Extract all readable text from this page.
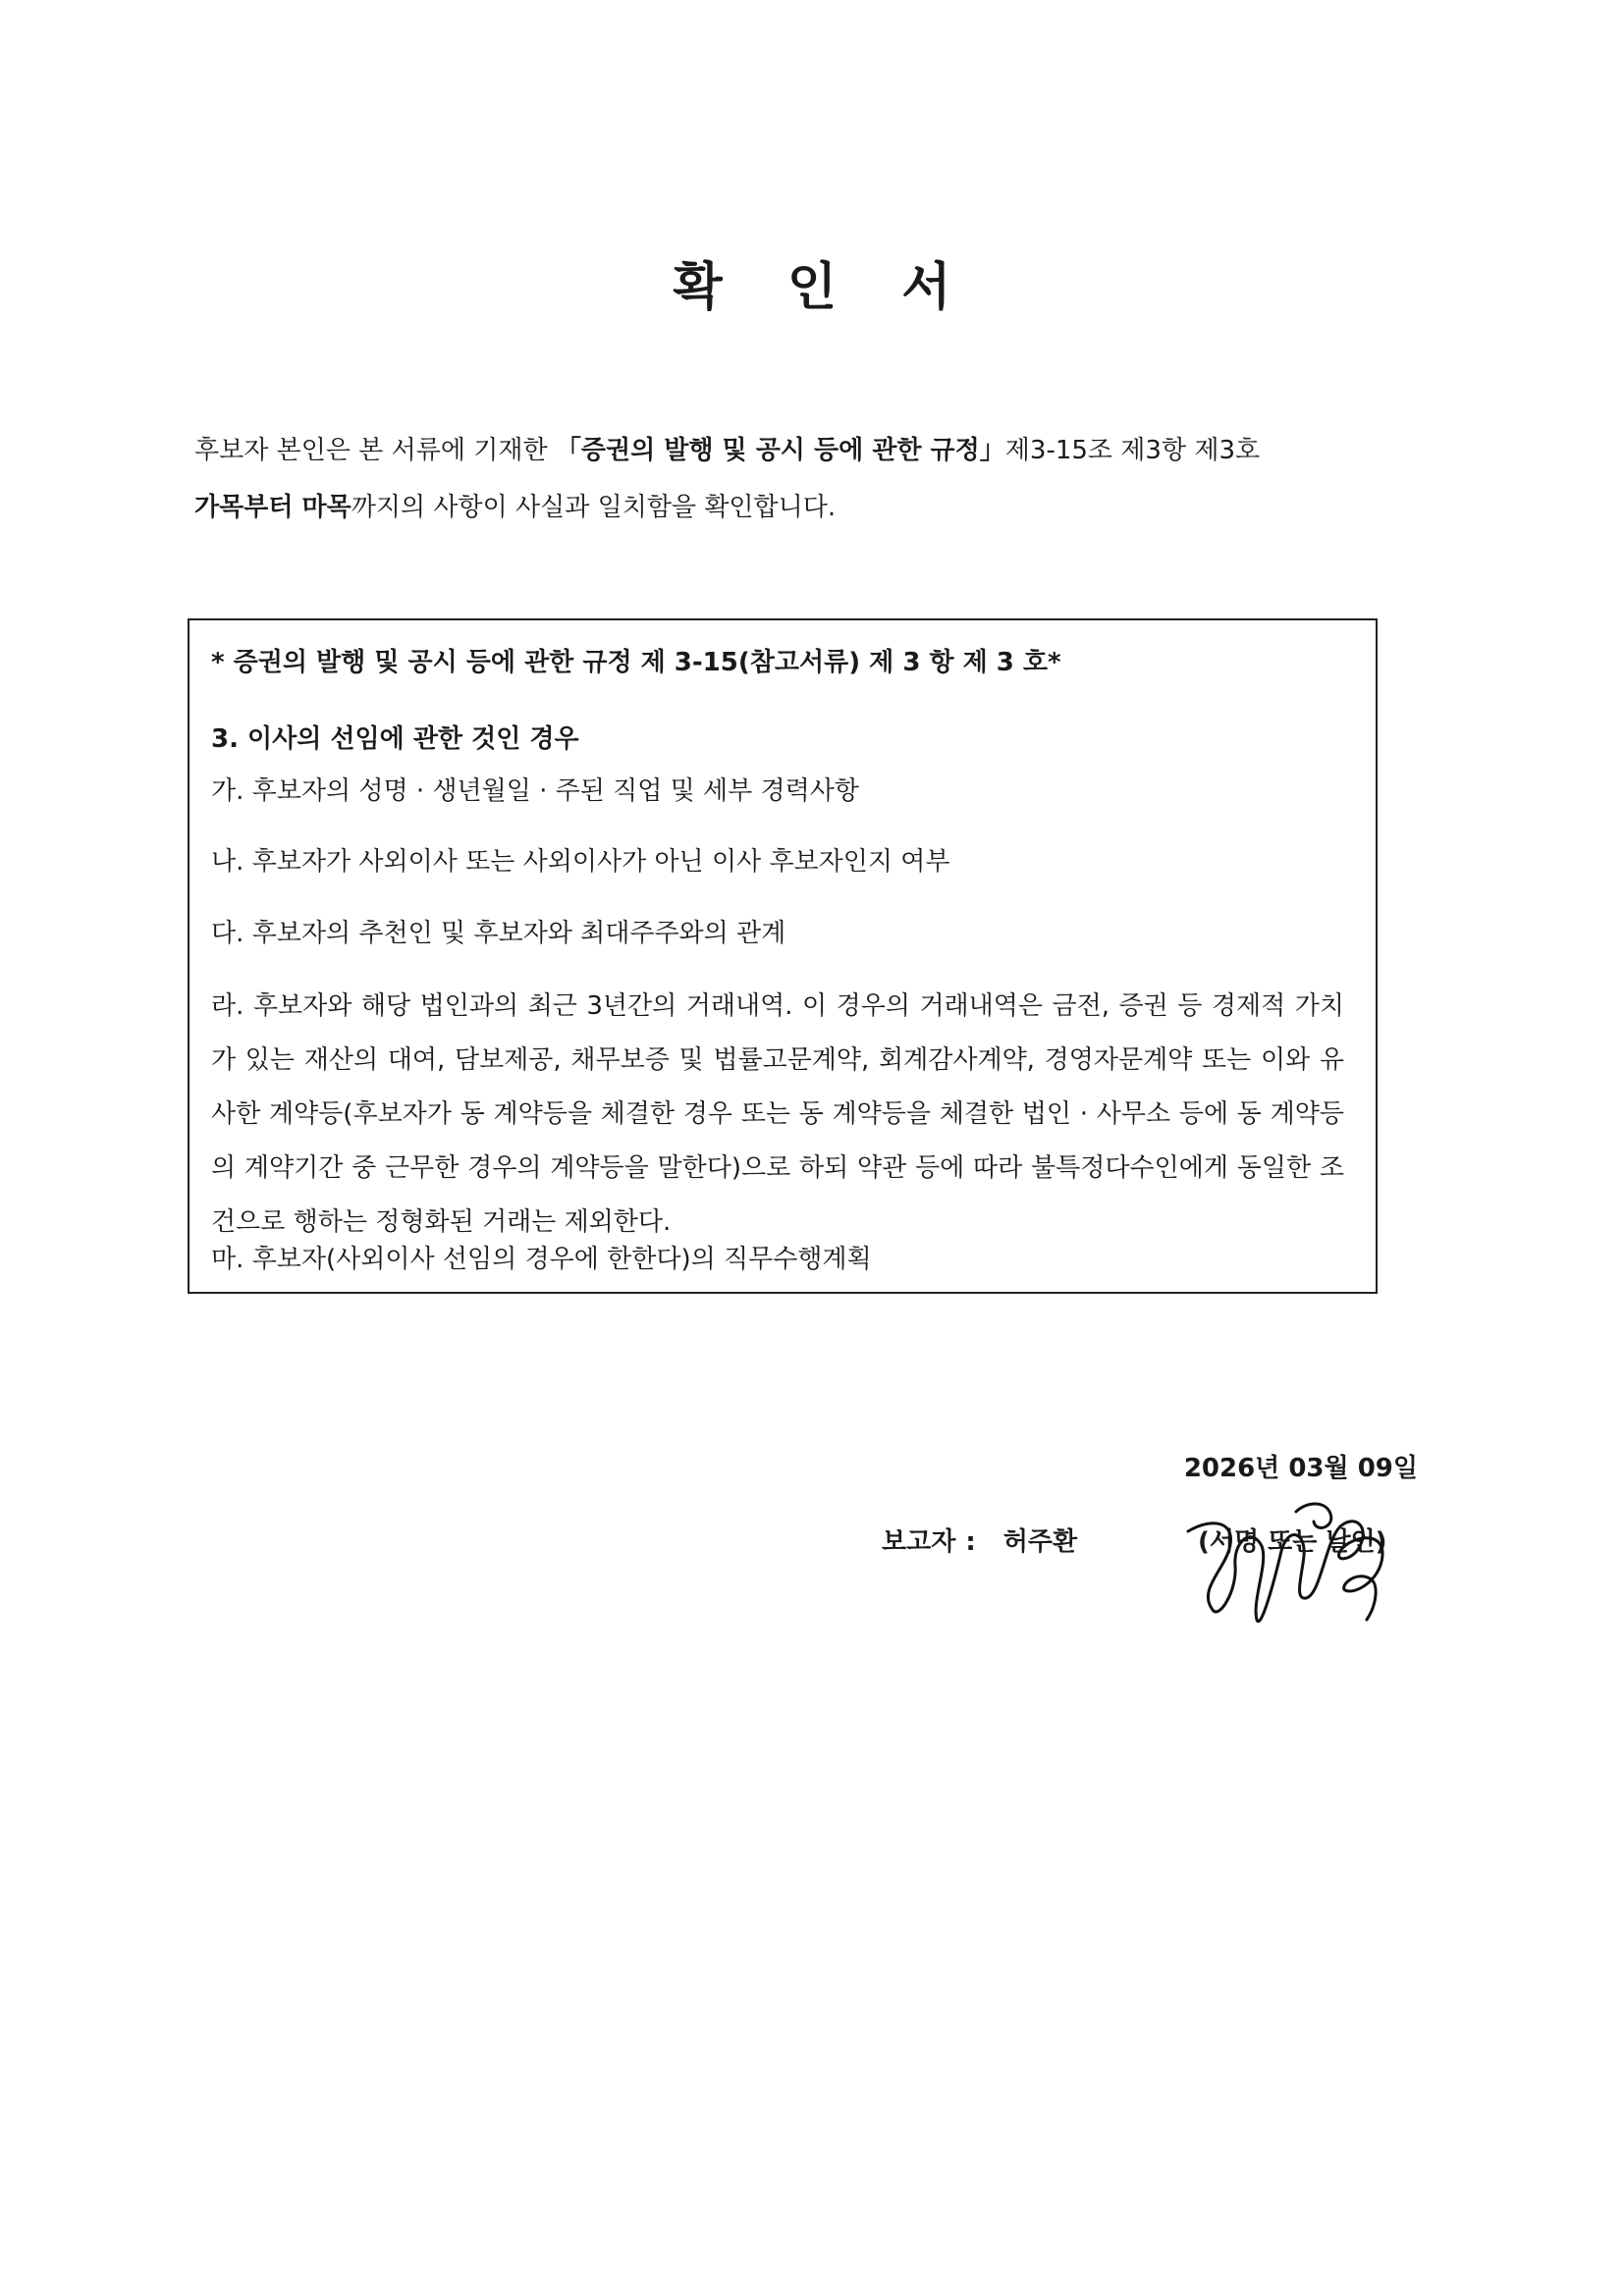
확 인 서

후보자 본인은 본 서류에 기재한 「증권의 발행 및 공시 등에 관한 규정」제3-15조 제3항 제3호
가목부터 마목까지의 사항이 사실과 일치함을 확인합니다.

* 증권의 발행 및 공시 등에 관한 규정 제 3-15(참고서류) 제 3 항 제 3 호*

3. 이사의 선임에 관한 것인 경우

가. 후보자의 성명 · 생년월일 · 주된 직업 및 세부 경력사항

나. 후보자가 사외이사 또는 사외이사가 아닌 이사 후보자인지 여부

다. 후보자의 추천인 및 후보자와 최대주주와의 관계

라. 후보자와 해당 법인과의 최근 3년간의 거래내역. 이 경우의 거래내역은 금전, 증권 등 경제적 가치가 있는 재산의 대여, 담보제공, 채무보증 및 법률고문계약, 회계감사계약, 경영자문계약 또는 이와 유사한 계약등(후보자가 동 계약등을 체결한 경우 또는 동 계약등을 체결한 법인 · 사무소 등에 동 계약등의 계약기간 중 근무한 경우의 계약등을 말한다)으로 하되 약관 등에 따라 불특정다수인에게 동일한 조건으로 행하는 정형화된 거래는 제외한다.

마. 후보자(사외이사 선임의 경우에 한한다)의 직무수행계획

2026년 03월 09일

보고자 : 허주환	(서명 또는 날인)
